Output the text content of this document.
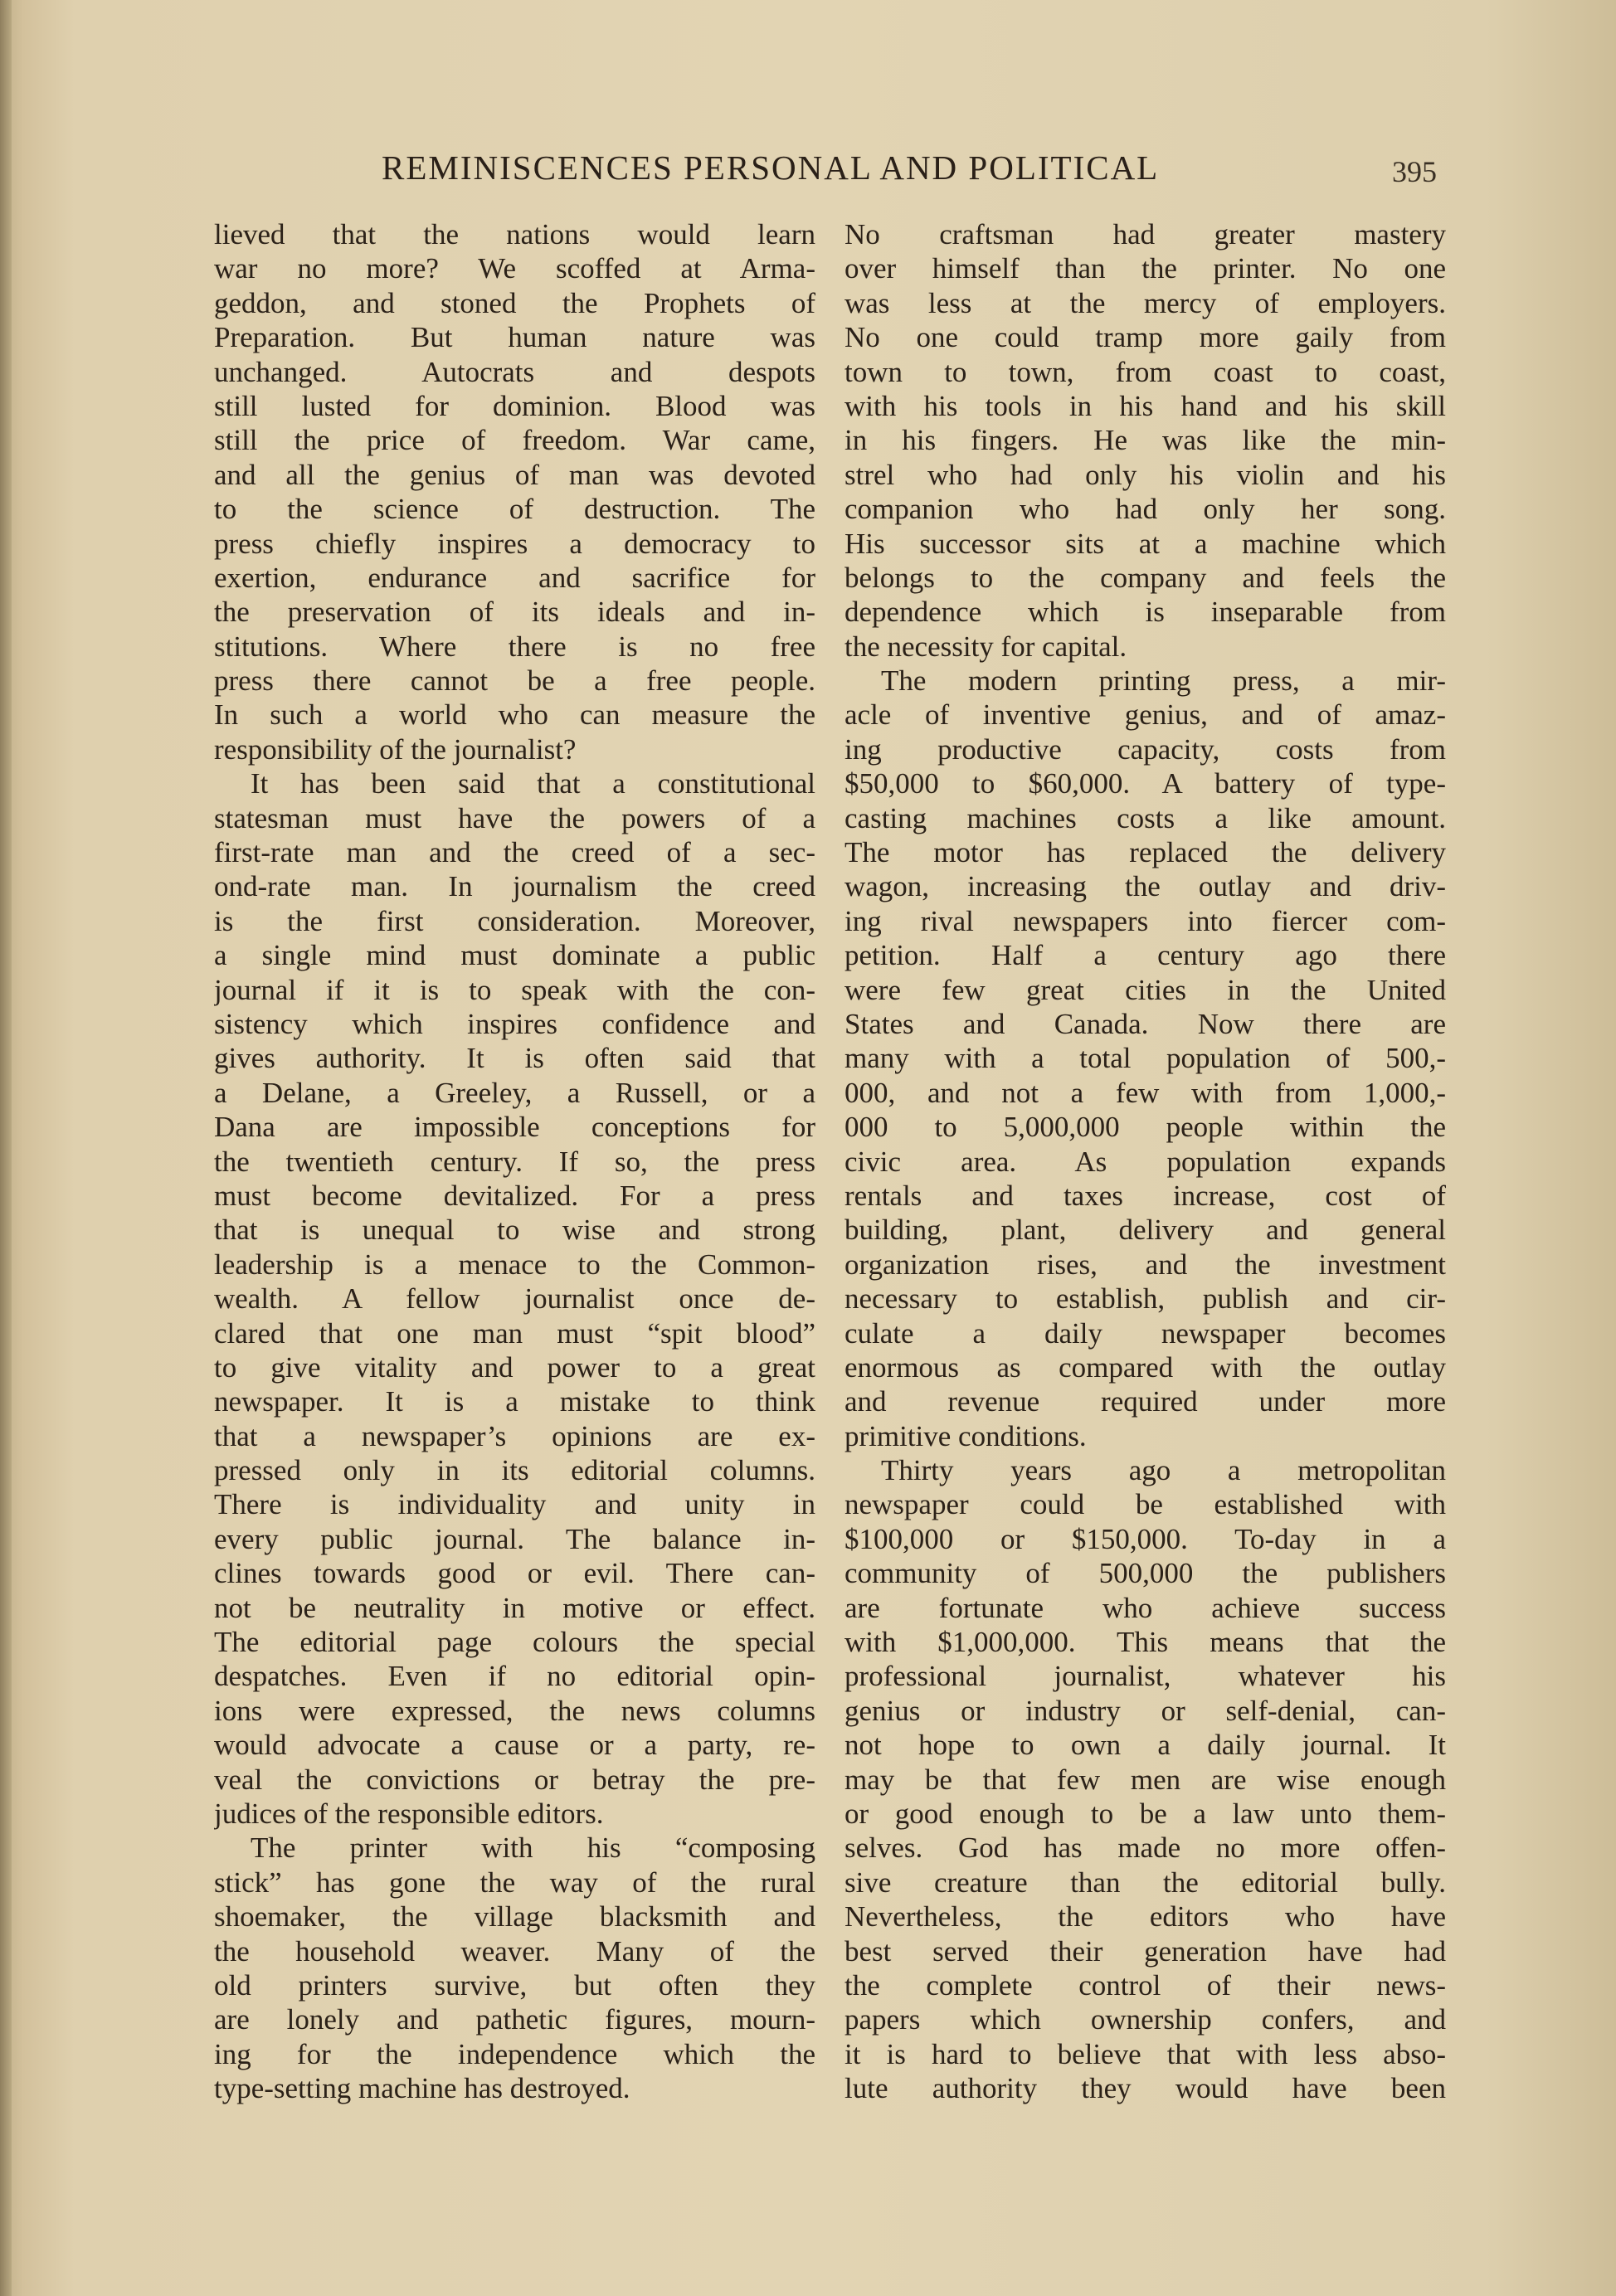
REMINISCENCES PERSONAL AND POLITICAL	395
lieved that the nations would learn
war no more? We scoffed at Arma-
geddon, and stoned the Prophets of
Preparation. But human nature was
unchanged. Autocrats and despots
still lusted for dominion. Blood was
still the price of freedom. War came,
and all the genius of man was devoted
to the science of destruction. The
press chiefly inspires a democracy to
exertion, endurance and sacrifice for
the preservation of its ideals and in-
stitutions. Where there is no free
press there cannot be a free people.
In such a world who can measure the
responsibility of the journalist?
It has been said that a constitutional
statesman must have the powers of a
first-rate man and the creed of a sec-
ond-rate man. In journalism the creed
is the first consideration. Moreover,
a single mind must dominate a public
journal if it is to speak with the con-
sistency which inspires confidence and
gives authority. It is often said that
a Delane, a Greeley, a Russell, or a
Dana are impossible conceptions for
the twentieth century. If so, the press
must become devitalized. For a press
that is unequal to wise and strong
leadership is a menace to the Common-
wealth. A fellow journalist once de-
clared that one man must “spit blood”
to give vitality and power to a great
newspaper. It is a mistake to think
that a newspaper’s opinions are ex-
pressed only in its editorial columns.
There is individuality and unity in
every public journal. The balance in-
clines towards good or evil. There can-
not be neutrality in motive or effect.
The editorial page colours the special
despatches. Even if no editorial opin-
ions were expressed, the news columns
would advocate a cause or a party, re-
veal the convictions or betray the pre-
judices of the responsible editors.
The printer with his “composing
stick” has gone the way of the rural
shoemaker, the village blacksmith and
the household weaver. Many of the
old printers survive, but often they
are lonely and pathetic figures, mourn-
ing for the independence which the
type-setting machine has destroyed.
No craftsman had greater mastery
over himself than the printer. No one
was less at the mercy of employers.
No one could tramp more gaily from
town to town, from coast to coast,
with his tools in his hand and his skill
in his fingers. He was like the min-
strel who had only his violin and his
companion who had only her song.
His successor sits at a machine which
belongs to the company and feels the
dependence which is inseparable from
the necessity for capital.
The modern printing press, a mir-
acle of inventive genius, and of amaz-
ing productive capacity, costs from
$50,000 to $60,000. A battery of type-
casting machines costs a like amount.
The motor has replaced the delivery
wagon, increasing the outlay and driv-
ing rival newspapers into fiercer com-
petition. Half a century ago there
were few great cities in the United
States and Canada. Now there are
many with a total population of 500,-
000, and not a few with from 1,000,-
000 to 5,000,000 people within the
civic area. As population expands
rentals and taxes increase, cost of
building, plant, delivery and general
organization rises, and the investment
necessary to establish, publish and cir-
culate a daily newspaper becomes
enormous as compared with the outlay
and revenue required under more
primitive conditions.
Thirty years ago a metropolitan
newspaper could be established with
$100,000 or $150,000. To-day in a
community of 500,000 the publishers
are fortunate who achieve success
with $1,000,000. This means that the
professional journalist, whatever his
genius or industry or self-denial, can-
not hope to own a daily journal. It
may be that few men are wise enough
or good enough to be a law unto them-
selves. God has made no more offen-
sive creature than the editorial bully.
Nevertheless, the editors who have
best served their generation have had
the complete control of their news-
papers which ownership confers, and
it is hard to believe that with less abso-
lute authority they would have been
